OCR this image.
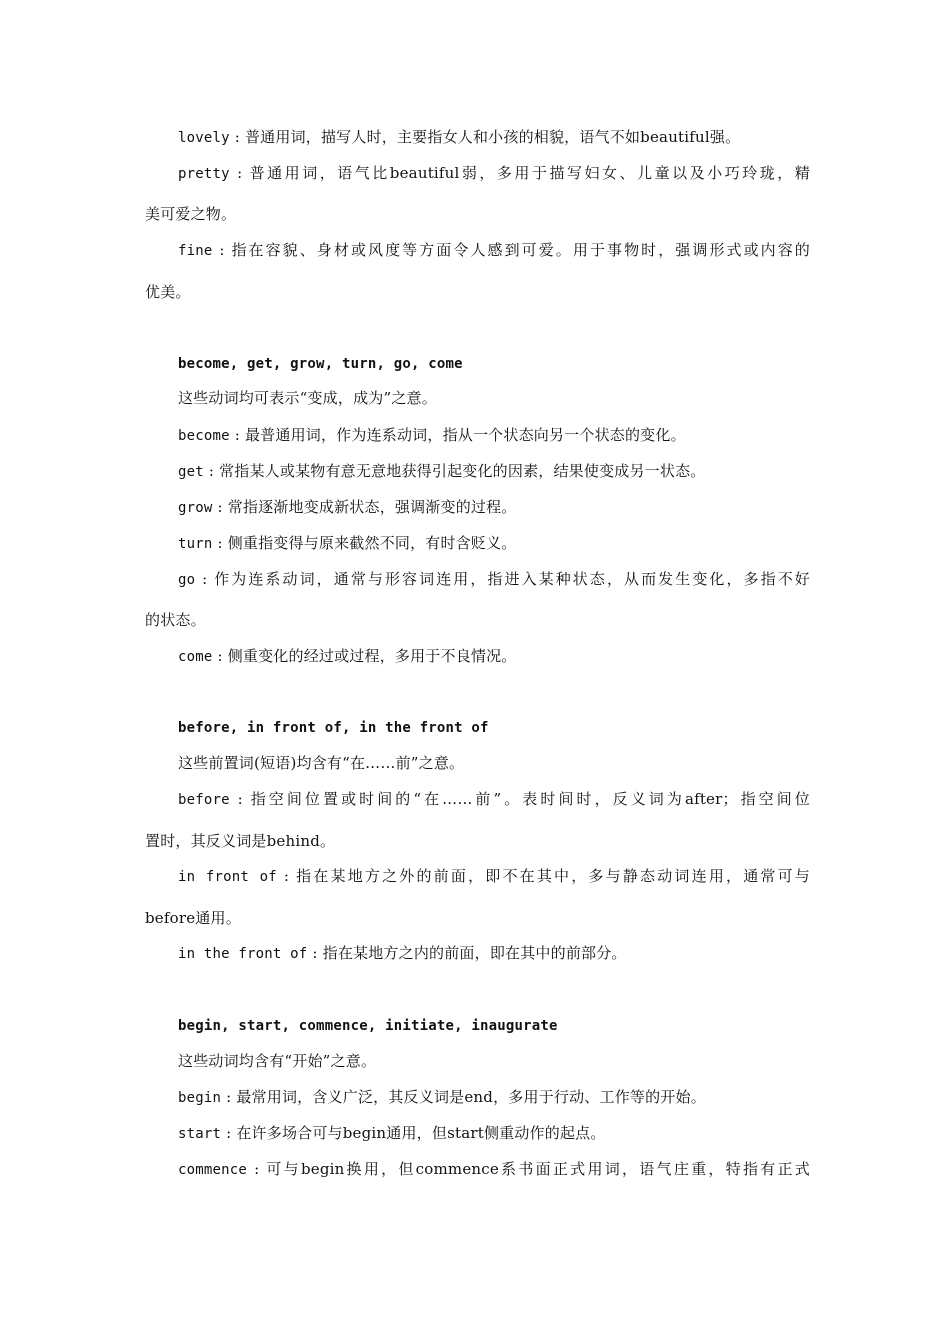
lovely : 普通用词，描写人时，主要指女人和小孩的相貌，语气不如beautiful强。
pretty : 普通用词，语气比beautiful弱，多用于描写妇女、儿童以及小巧玲珑，精
美可爱之物。
fine : 指在容貌、身材或风度等方面令人感到可爱。用于事物时，强调形式或内容的
优美。
become, get, grow, turn, go, come
这些动词均可表示“变成，成为”之意。
become : 最普通用词，作为连系动词，指从一个状态向另一个状态的变化。
get : 常指某人或某物有意无意地获得引起变化的因素，结果使变成另一状态。
grow : 常指逐渐地变成新状态，强调渐变的过程。
turn : 侧重指变得与原来截然不同，有时含贬义。
go : 作为连系动词，通常与形容词连用，指进入某种状态，从而发生变化，多指不好
的状态。
come : 侧重变化的经过或过程，多用于不良情况。
before, in front of, in the front of
这些前置词(短语)均含有“在……前”之意。
before : 指空间位置或时间的“在……前”。表时间时，反义词为after；指空间位
置时，其反义词是behind。
in front of : 指在某地方之外的前面，即不在其中，多与静态动词连用，通常可与
before通用。
in the front of : 指在某地方之内的前面，即在其中的前部分。
begin, start, commence, initiate, inaugurate
这些动词均含有“开始”之意。
begin : 最常用词，含义广泛，其反义词是end，多用于行动、工作等的开始。
start : 在许多场合可与begin通用，但start侧重动作的起点。
commence : 可与begin换用，但commence系书面正式用词，语气庄重，特指有正式
